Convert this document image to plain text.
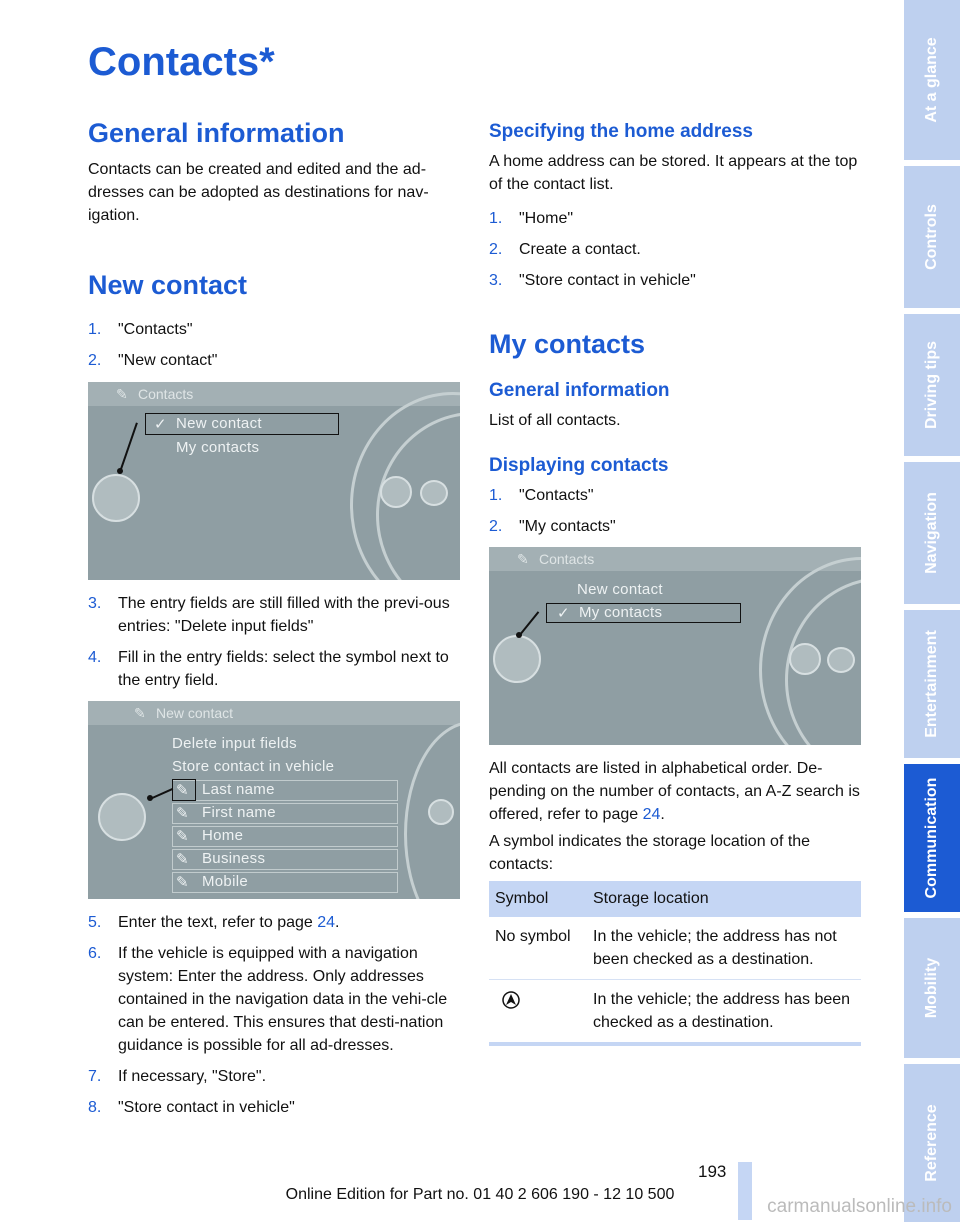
Contacts*
General information

Contacts can be created and edited and the ad-dresses can be adopted as destinations for nav-igation.

New contact
1. "Contacts"
2. "New contact"
✎ Contacts
✓ New contact
My contacts
3. The entry fields are still filled with the previ-ous entries: "Delete input fields"
4. Fill in the entry fields: select the symbol next to the entry field.
✎ New contact
Delete input fields
Store contact in vehicle
✎
✎
✎
✎
✎
Last name
First name
Home
Business
Mobile
5. Enter the text, refer to page 24.
6. If the vehicle is equipped with a navigation system: Enter the address. Only addresses contained in the navigation data in the vehi-cle can be entered. This ensures that desti-nation guidance is possible for all ad-dresses.
7. If necessary, "Store".
8. "Store contact in vehicle"
Specifying the home address

A home address can be stored. It appears at the top of the contact list.

1. "Home"
2. Create a contact.
3. "Store contact in vehicle"
My contacts
General information

List of all contacts.

Displaying contacts
1. "Contacts"
2. "My contacts"
✎ Contacts
New contact
✓ My contacts

All contacts are listed in alphabetical order. De-pending on the number of contacts, an A-Z search is offered, refer to page 24.

A symbol indicates the storage location of the contacts:

Symbol	Storage location
No symbol	In the vehicle; the address has not been checked as a destination.
	In the vehicle; the address has been checked as a destination.
At a glance
Controls
Driving tips
Navigation
Entertainment
Communication
Mobility
Reference
193
Online Edition for Part no. 01 40 2 606 190 - 12 10 500
carmanualsonline.info
